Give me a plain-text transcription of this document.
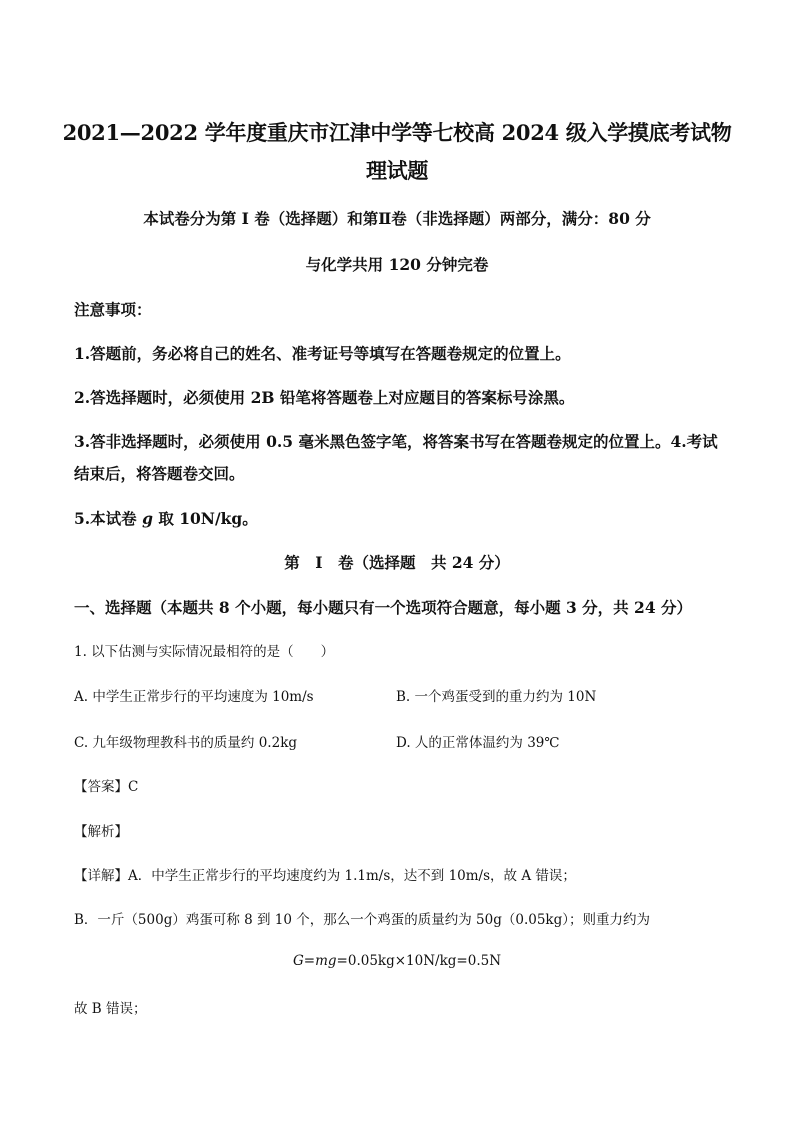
2021—2022 学年度重庆市江津中学等七校高 2024 级入学摸底考试物
理试题
本试卷分为第 I 卷（选择题）和第Ⅱ卷（非选择题）两部分，满分：80 分
与化学共用 120 分钟完卷
注意事项：
1.答题前，务必将自己的姓名、准考证号等填写在答题卷规定的位置上。
2.答选择题时，必须使用 2B 铅笔将答题卷上对应题目的答案标号涂黑。
3.答非选择题时，必须使用 0.5 毫米黑色签字笔，将答案书写在答题卷规定的位置上。4.考试
结束后，将答题卷交回。
5.本试卷 g 取 10N/kg。
第　I　卷（选择题　共 24 分）
一、选择题（本题共 8 个小题，每小题只有一个选项符合题意，每小题 3 分，共 24 分）
1. 以下估测与实际情况最相符的是（　　）
A. 中学生正常步行的平均速度为 10m/s	B. 一个鸡蛋受到的重力约为 10N
C. 九年级物理教科书的质量约 0.2kg	D. 人的正常体温约为 39℃
【答案】C
【解析】
【详解】A．中学生正常步行的平均速度约为 1.1m/s，达不到 10m/s，故 A 错误；
B．一斤（500g）鸡蛋可称 8 到 10 个，那么一个鸡蛋的质量约为 50g（0.05kg）；则重力约为
G=mg=0.05kg×10N/kg=0.5N
故 B 错误；
